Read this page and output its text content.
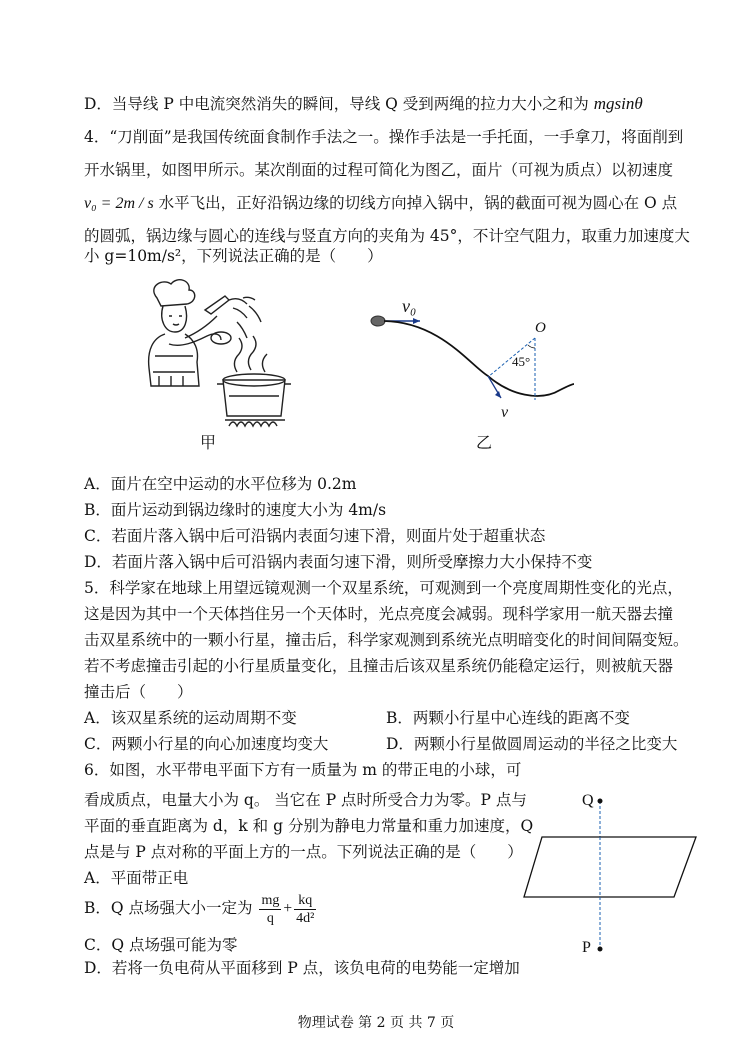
D．当导线 P 中电流突然消失的瞬间，导线 Q 受到两绳的拉力大小之和为 mgsinθ
4．“刀削面”是我国传统面食制作手法之一。操作手法是一手托面，一手拿刀，将面削到
开水锅里，如图甲所示。某次削面的过程可简化为图乙，面片（可视为质点）以初速度
v₀ = 2m / s 水平飞出，正好沿锅边缘的切线方向掉入锅中，锅的截面可视为圆心在 O 点
的圆弧，锅边缘与圆心的连线与竖直方向的夹角为 45°，不计空气阻力，取重力加速度大
小 g=10m/s²，下列说法正确的是（　　）
甲
v₀
O
45°
v
乙
A．面片在空中运动的水平位移为 0.2m
B．面片运动到锅边缘时的速度大小为 4m/s
C．若面片落入锅中后可沿锅内表面匀速下滑，则面片处于超重状态
D．若面片落入锅中后可沿锅内表面匀速下滑，则所受摩擦力大小保持不变
5．科学家在地球上用望远镜观测一个双星系统，可观测到一个亮度周期性变化的光点，
这是因为其中一个天体挡住另一个天体时，光点亮度会减弱。现科学家用一航天器去撞
击双星系统中的一颗小行星，撞击后，科学家观测到系统光点明暗变化的时间间隔变短。
若不考虑撞击引起的小行星质量变化，且撞击后该双星系统仍能稳定运行，则被航天器
撞击后（　　）
A．该双星系统的运动周期不变	B．两颗小行星中心连线的距离不变
C．两颗小行星的向心加速度均变大	D．两颗小行星做圆周运动的半径之比变大
6．如图，水平带电平面下方有一质量为 m 的带正电的小球，可
看成质点，电量大小为 q。 当它在 P 点时所受合力为零。P 点与
平面的垂直距离为 d，k 和 g 分别为静电力常量和重力加速度，Q
点是与 P 点对称的平面上方的一点。下列说法正确的是（　　）
A．平面带正电
B．Q 点场强大小一定为 $\frac{mg}{q} + \frac{kq}{\text{4d²}}$
C．Q 点场强可能为零
D．若将一负电荷从平面移到 P 点，该负电荷的电势能一定增加
Q
P
物理试卷 第 2 页 共 7 页
